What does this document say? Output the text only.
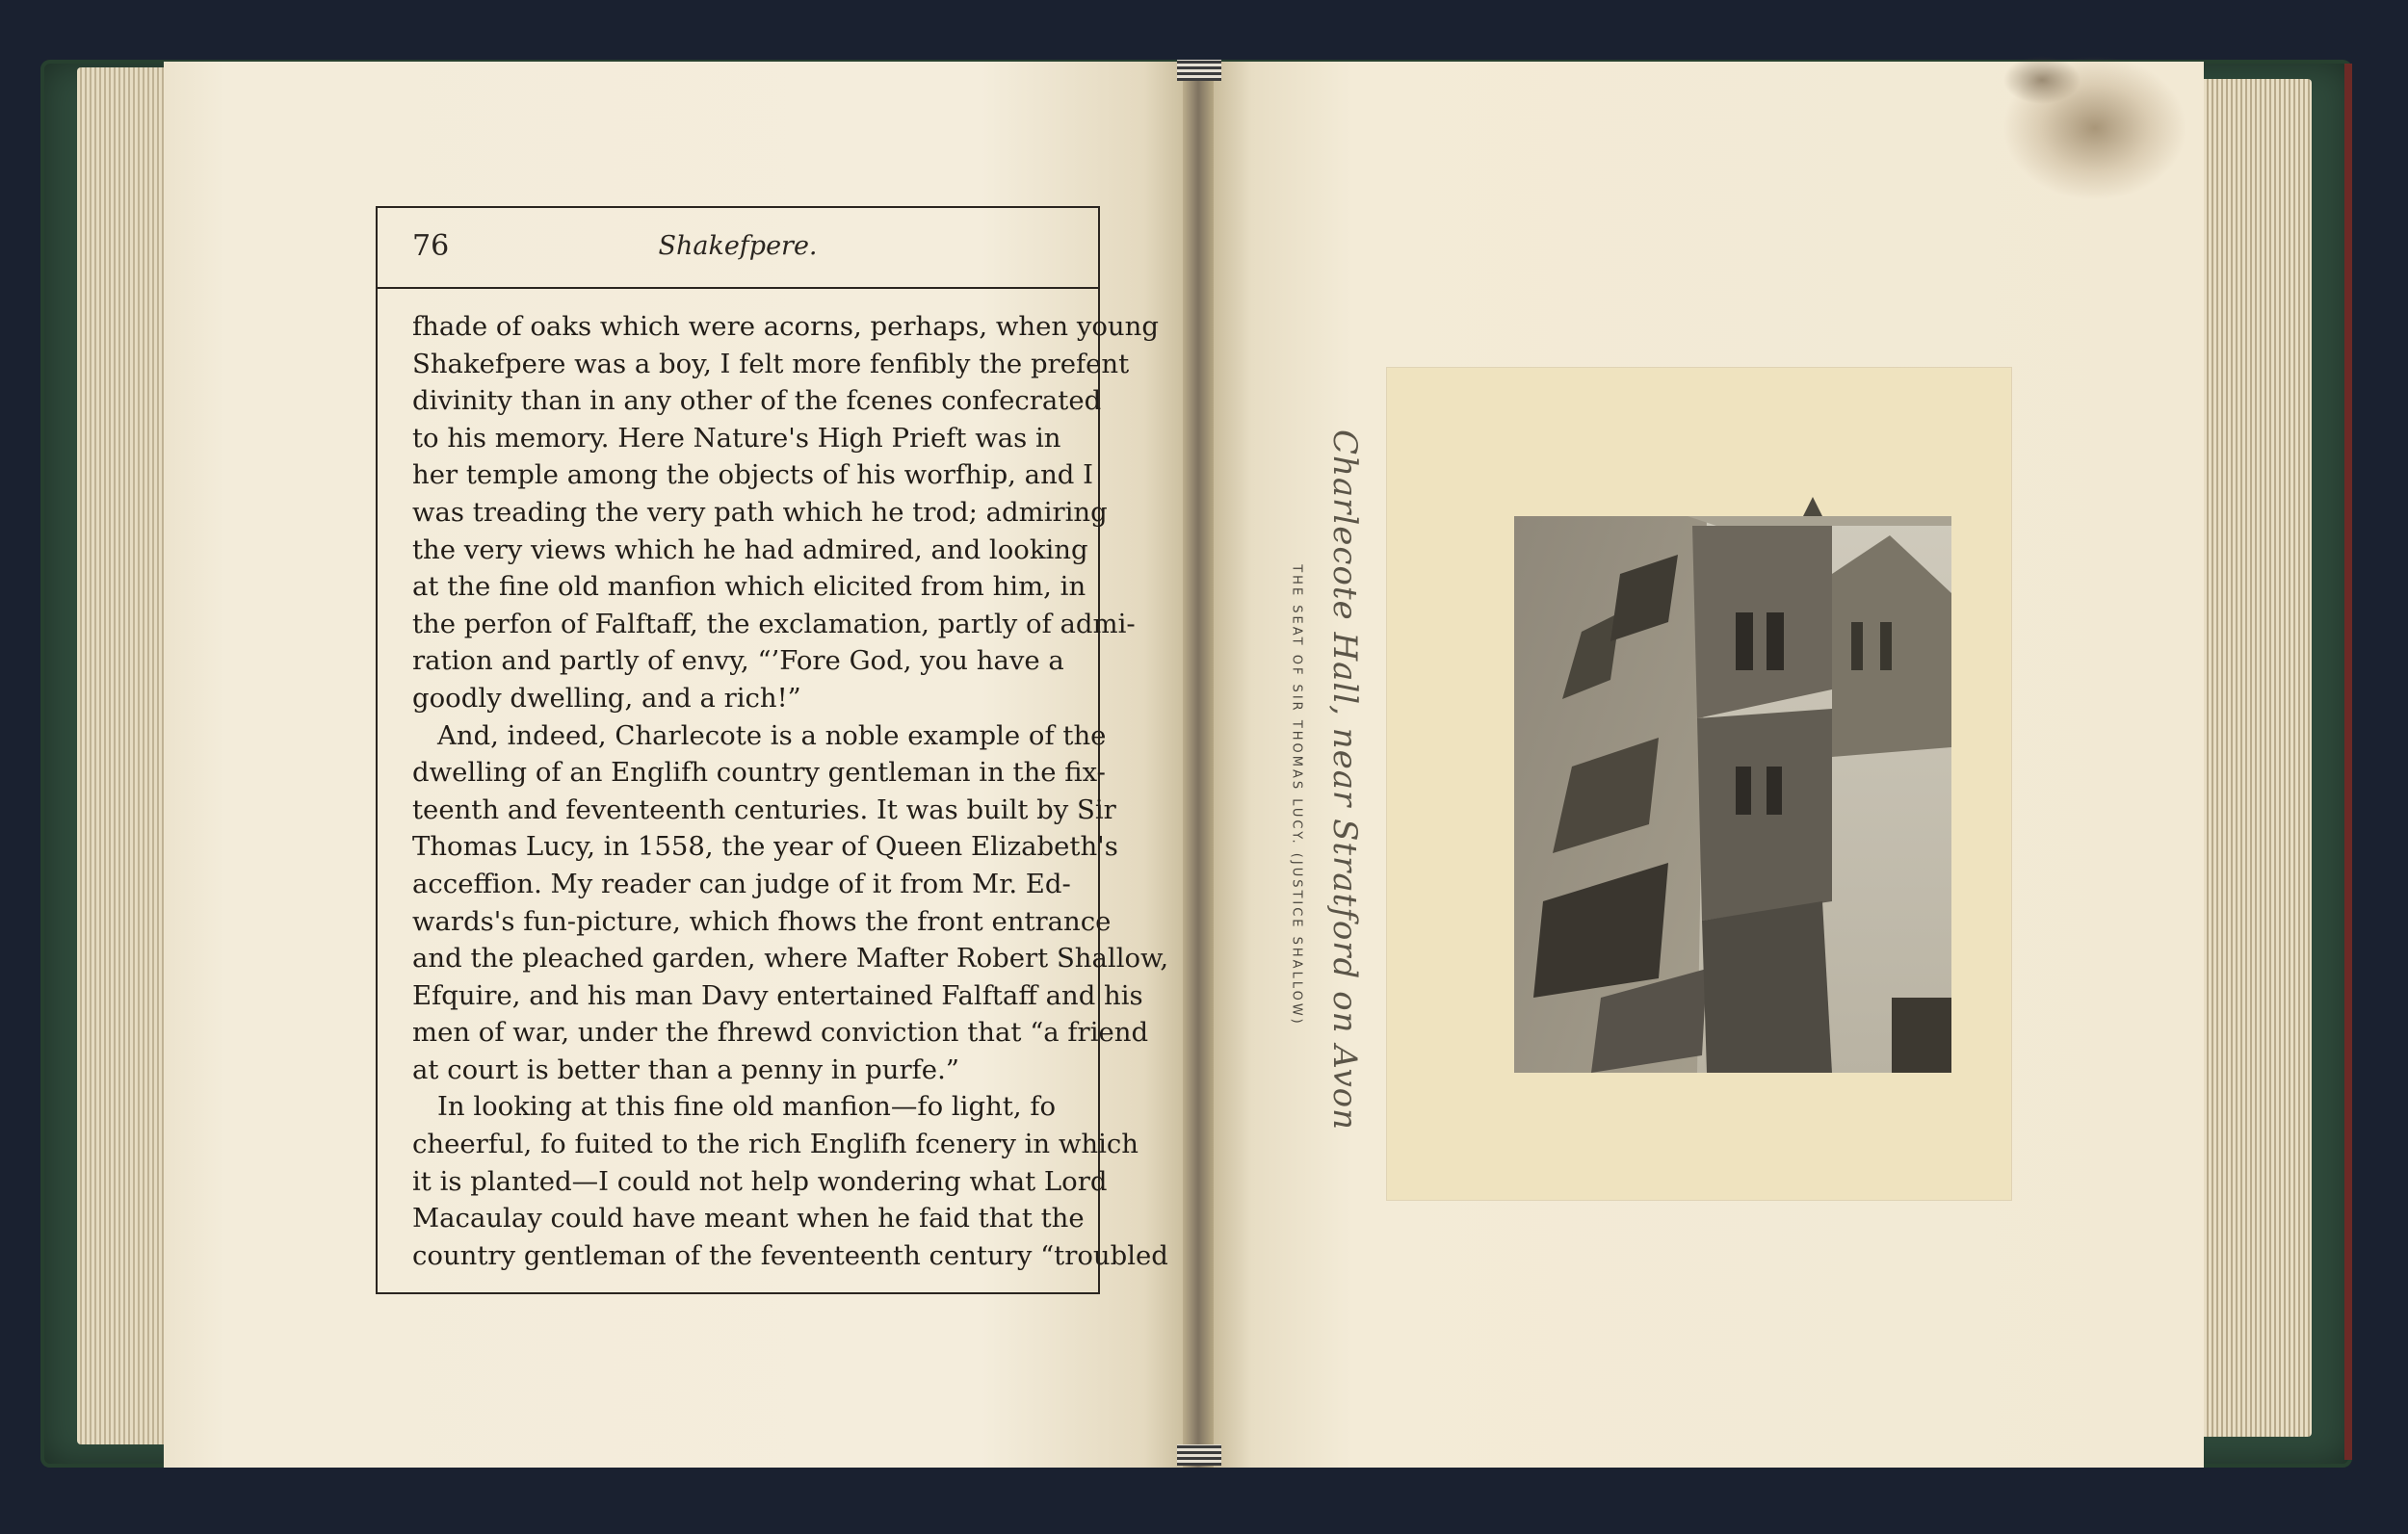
76	Shakefpere.
fhade of oaks which were acorns, perhaps, when young
Shakefpere was a boy, I felt more fenfibly the prefent
divinity than in any other of the fcenes confecrated
to his memory. Here Nature's High Prieft was in
her temple among the objects of his worfhip, and I
was treading the very path which he trod; admiring
the very views which he had admired, and looking
at the fine old manfion which elicited from him, in
the perfon of Falftaff, the exclamation, partly of admi-
ration and partly of envy, “’Fore God, you have a
goodly dwelling, and a rich!”
And, indeed, Charlecote is a noble example of the
dwelling of an Englifh country gentleman in the fix-
teenth and feventeenth centuries. It was built by Sir
Thomas Lucy, in 1558, the year of Queen Elizabeth's
acceffion. My reader can judge of it from Mr. Ed-
wards's fun-picture, which fhows the front entrance
and the pleached garden, where Mafter Robert Shallow,
Efquire, and his man Davy entertained Falftaff and his
men of war, under the fhrewd conviction that “a friend
at court is better than a penny in purfe.”
In looking at this fine old manfion—fo light, fo
cheerful, fo fuited to the rich Englifh fcenery in which
it is planted—I could not help wondering what Lord
Macaulay could have meant when he faid that the
country gentleman of the feventeenth century “troubled
Charlecote Hall, near Stratford on Avon
THE SEAT OF SIR THOMAS LUCY. (JUSTICE SHALLOW)
